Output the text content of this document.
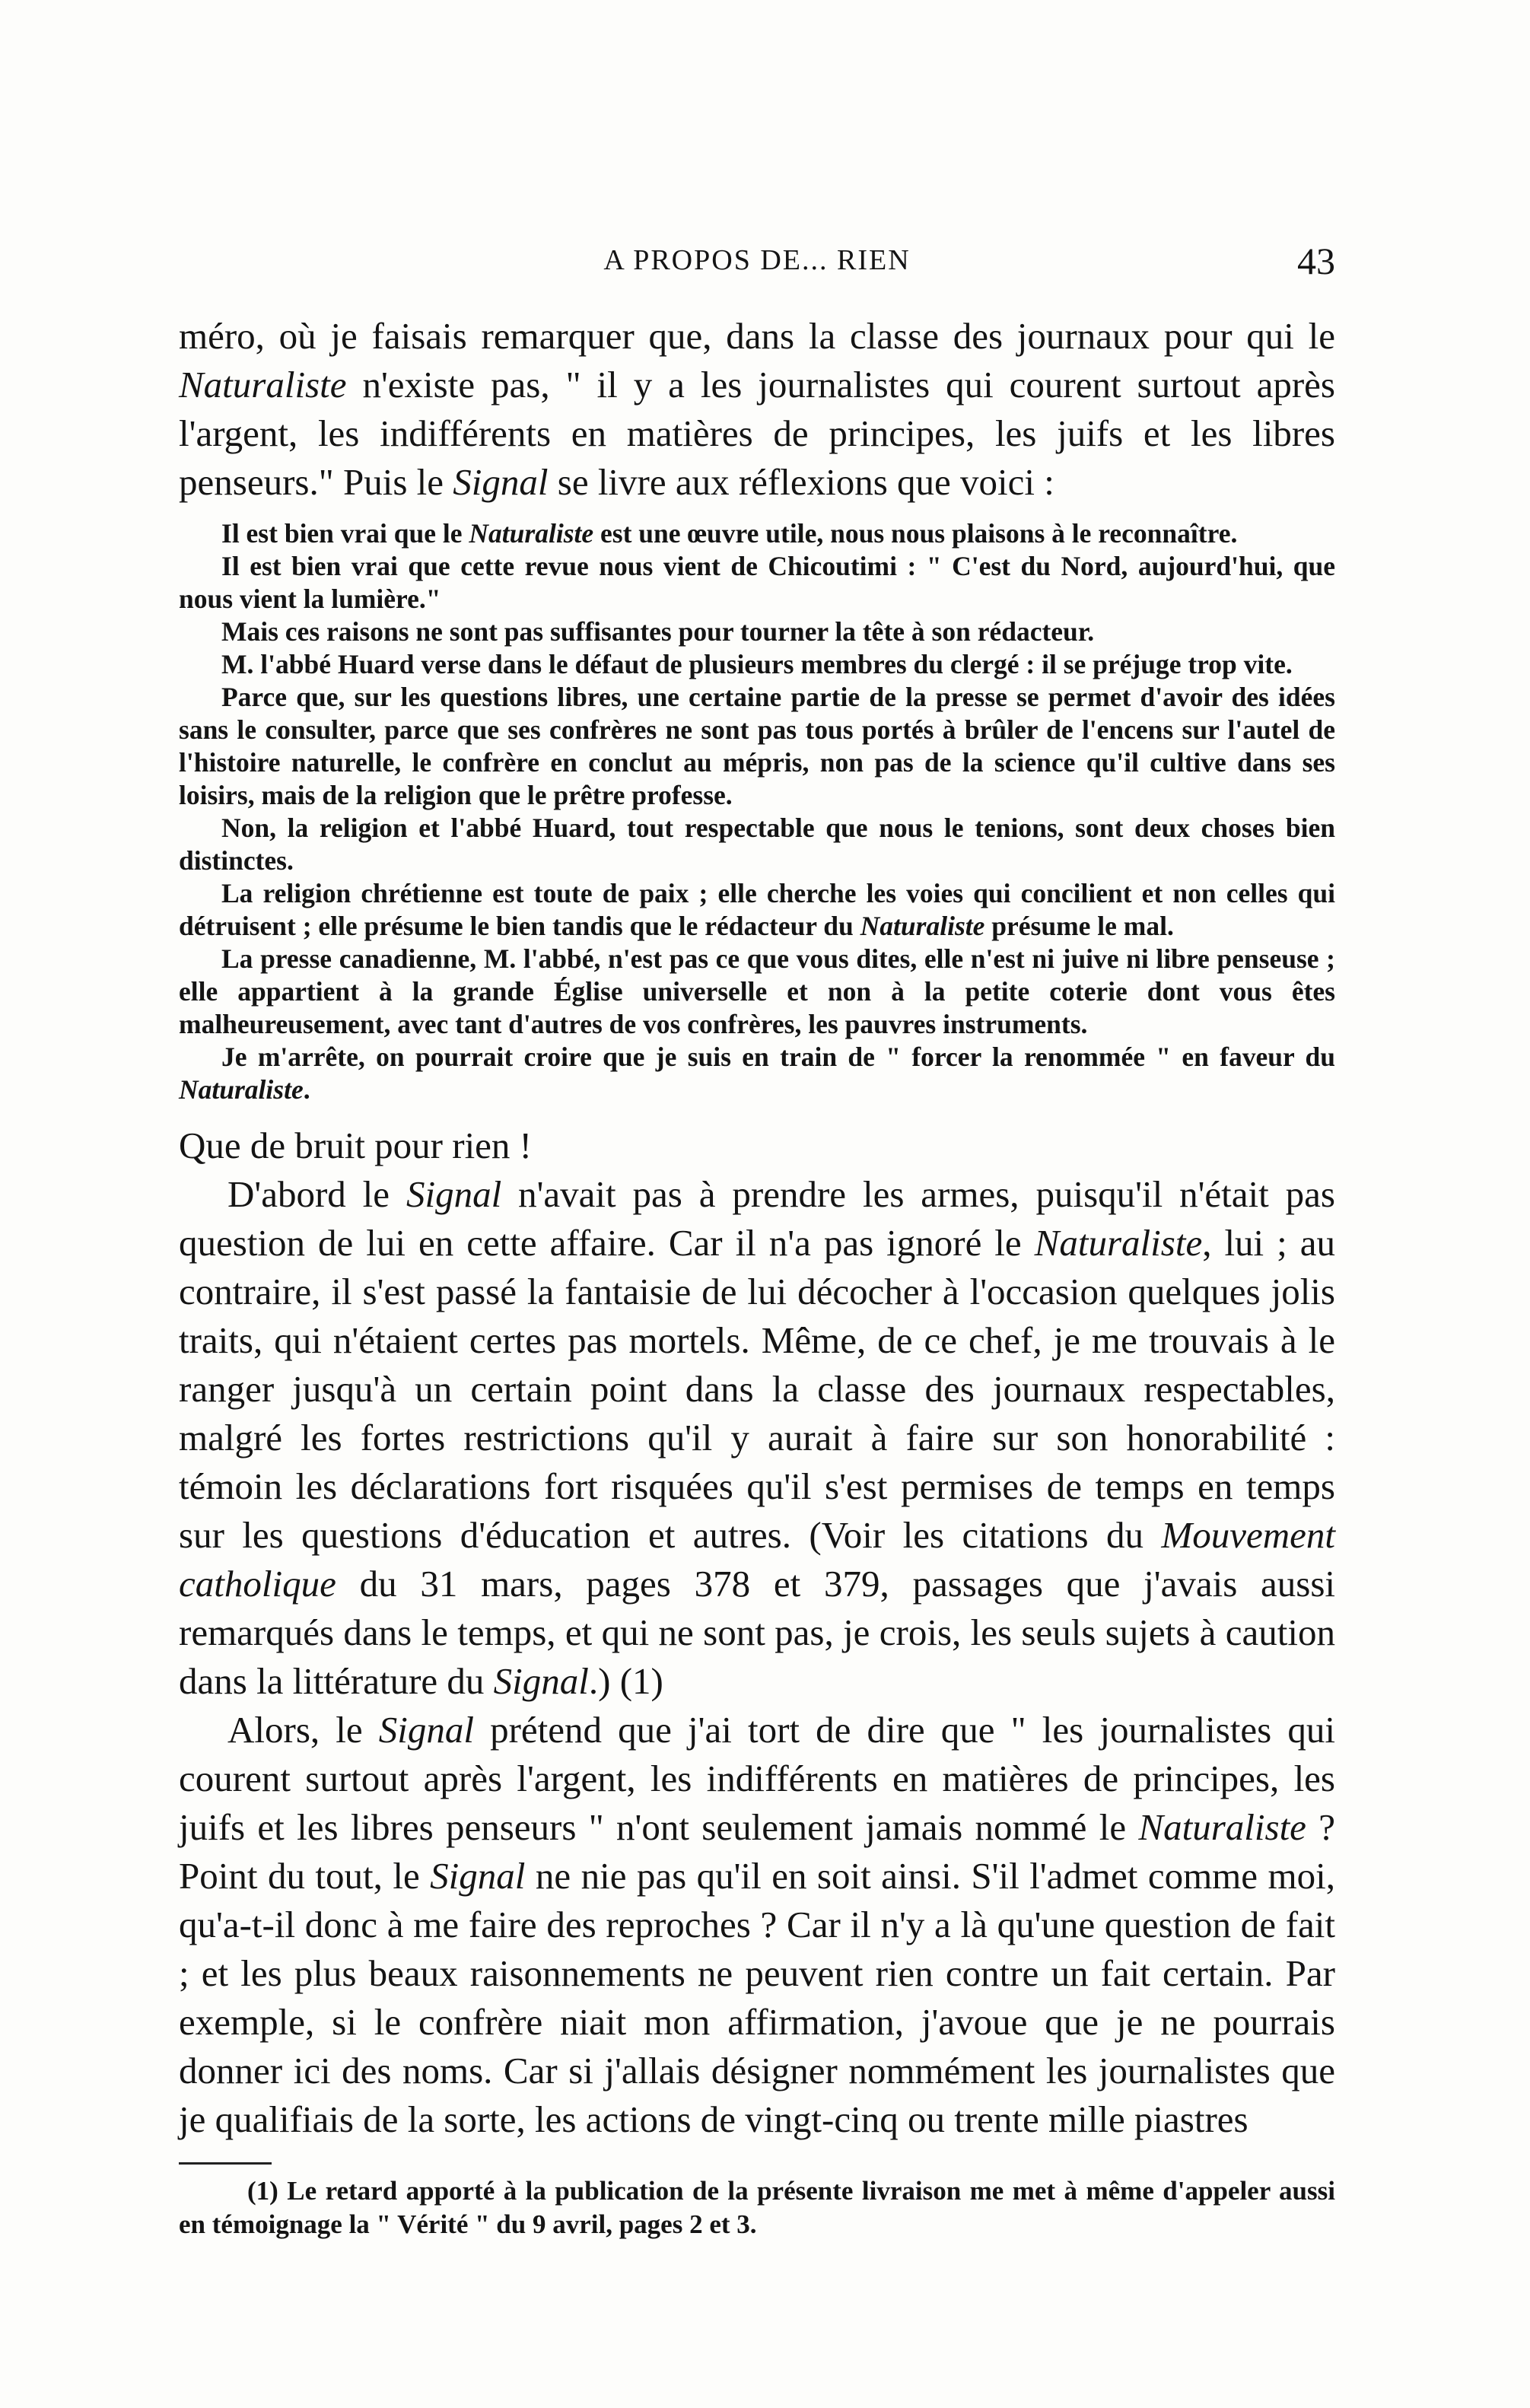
A PROPOS DE... RIEN	43

méro, où je faisais remarquer que, dans la classe des journaux pour qui le Naturaliste n'existe pas, " il y a les journalistes qui courent surtout après l'argent, les indifférents en matières de principes, les juifs et les libres penseurs." Puis le Signal se livre aux réflexions que voici :

Il est bien vrai que le Naturaliste est une œuvre utile, nous nous plaisons à le reconnaître.

Il est bien vrai que cette revue nous vient de Chicoutimi : " C'est du Nord, aujourd'hui, que nous vient la lumière."

Mais ces raisons ne sont pas suffisantes pour tourner la tête à son rédacteur.

M. l'abbé Huard verse dans le défaut de plusieurs membres du clergé : il se préjuge trop vite.

Parce que, sur les questions libres, une certaine partie de la presse se permet d'avoir des idées sans le consulter, parce que ses confrères ne sont pas tous portés à brûler de l'encens sur l'autel de l'histoire naturelle, le confrère en conclut au mépris, non pas de la science qu'il cultive dans ses loisirs, mais de la religion que le prêtre professe.

Non, la religion et l'abbé Huard, tout respectable que nous le tenions, sont deux choses bien distinctes.

La religion chrétienne est toute de paix ; elle cherche les voies qui concilient et non celles qui détruisent ; elle présume le bien tandis que le rédacteur du Naturaliste présume le mal.

La presse canadienne, M. l'abbé, n'est pas ce que vous dites, elle n'est ni juive ni libre penseuse ; elle appartient à la grande Église universelle et non à la petite coterie dont vous êtes malheureusement, avec tant d'autres de vos confrères, les pauvres instruments.

Je m'arrête, on pourrait croire que je suis en train de " forcer la renommée " en faveur du Naturaliste.

Que de bruit pour rien !

D'abord le Signal n'avait pas à prendre les armes, puisqu'il n'était pas question de lui en cette affaire. Car il n'a pas ignoré le Naturaliste, lui ; au contraire, il s'est passé la fantaisie de lui décocher à l'occasion quelques jolis traits, qui n'étaient certes pas mortels. Même, de ce chef, je me trouvais à le ranger jusqu'à un certain point dans la classe des journaux respectables, malgré les fortes restrictions qu'il y aurait à faire sur son honorabilité : témoin les déclarations fort risquées qu'il s'est permises de temps en temps sur les questions d'éducation et autres. (Voir les citations du Mouvement catholique du 31 mars, pages 378 et 379, passages que j'avais aussi remarqués dans le temps, et qui ne sont pas, je crois, les seuls sujets à caution dans la littérature du Signal.) (1)

Alors, le Signal prétend que j'ai tort de dire que " les journalistes qui courent surtout après l'argent, les indifférents en matières de principes, les juifs et les libres penseurs " n'ont seulement jamais nommé le Naturaliste ? Point du tout, le Signal ne nie pas qu'il en soit ainsi. S'il l'admet comme moi, qu'a-t-il donc à me faire des reproches ? Car il n'y a là qu'une question de fait ; et les plus beaux raisonnements ne peuvent rien contre un fait certain. Par exemple, si le confrère niait mon affirmation, j'avoue que je ne pourrais donner ici des noms. Car si j'allais désigner nommément les journalistes que je qualifiais de la sorte, les actions de vingt-cinq ou trente mille piastres

(1) Le retard apporté à la publication de la présente livraison me met à même d'appeler aussi en témoignage la " Vérité " du 9 avril, pages 2 et 3.
